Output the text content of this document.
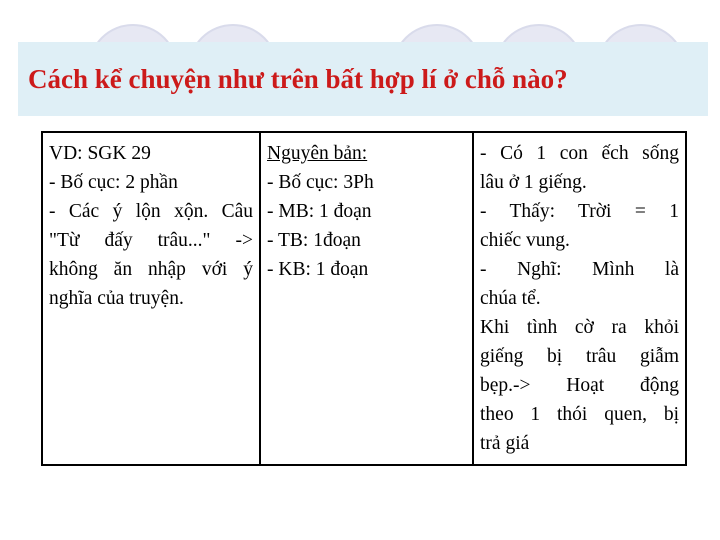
Cách kể chuyện như trên bất hợp lí ở chỗ nào?
VD: SGK 29
- Bố cục: 2 phần
- Các ý lộn xộn. Câu
"Từ đấy trâu..." ->
không ăn nhập với ý
nghĩa của truyện.
Nguyên bản:
- Bố cục: 3Ph
- MB: 1 đoạn
- TB: 1đoạn
- KB: 1 đoạn
- Có 1 con ếch sống
lâu ở 1 giếng.
- Thấy: Trời = 1
chiếc vung.
- Nghĩ: Mình là
chúa tể.
Khi tình cờ ra khỏi
giếng bị trâu giẫm
bẹp.-> Hoạt động
theo 1 thói quen, bị
trả giá
